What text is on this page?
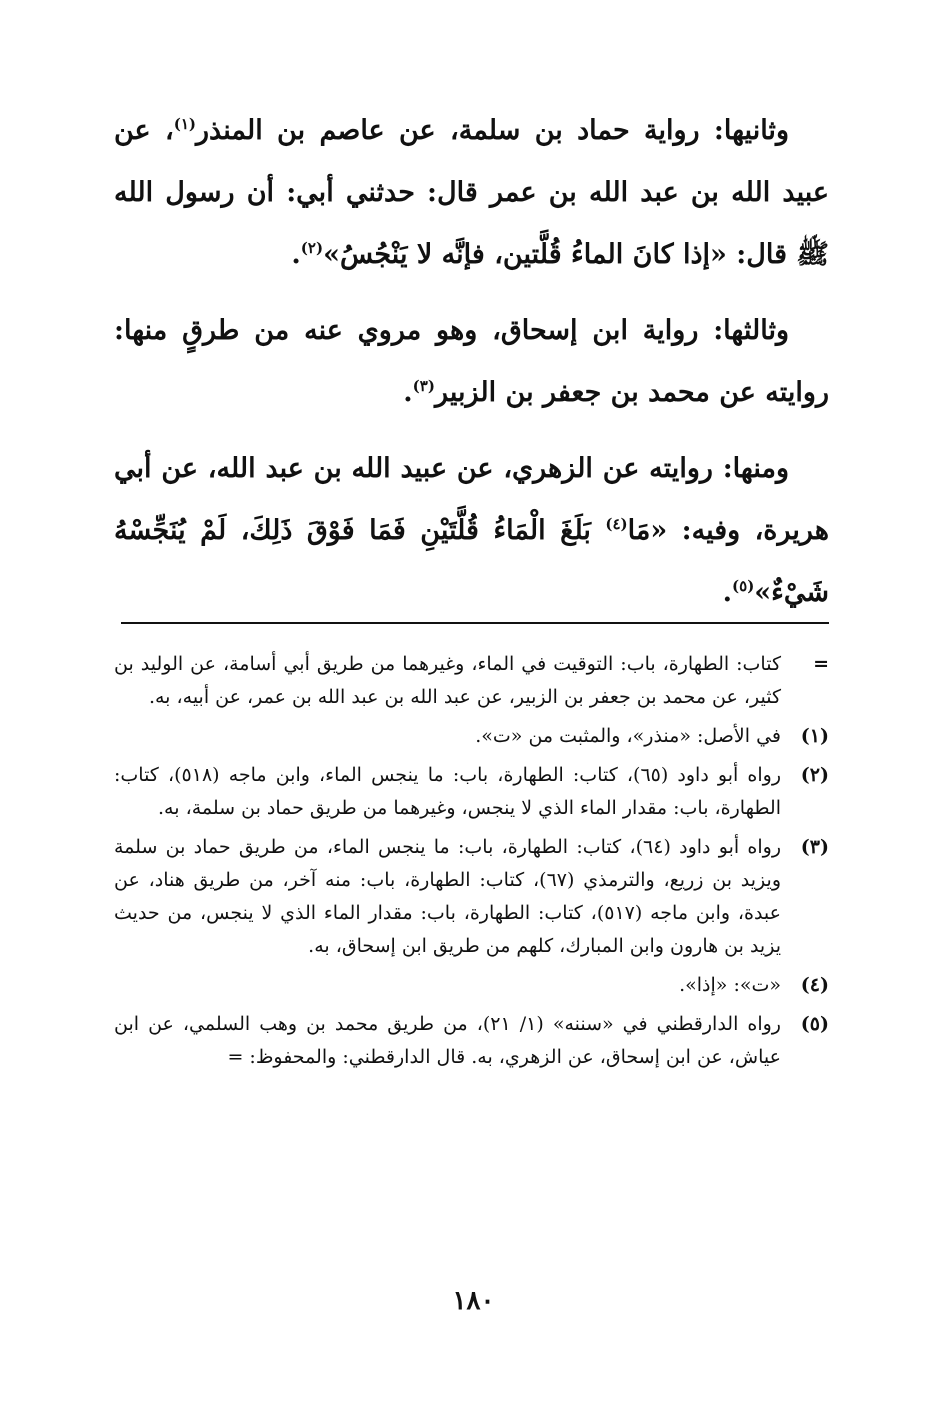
وثانيها: رواية حماد بن سلمة، عن عاصم بن المنذر$^{(١)}$، عن عبيد الله بن عبد الله بن عمر قال: حدثني أبي: أن رسول الله ﷺ قال: «إذا كانَ الماءُ قُلَّتين، فإنَّه لا يَنْجُسُ»$^{(٢)}$.

وثالثها: رواية ابن إسحاق، وهو مروي عنه من طرقٍ منها: روايته عن محمد بن جعفر بن الزبير$^{(٣)}$.

ومنها: روايته عن الزهري، عن عبيد الله بن عبد الله، عن أبي هريرة، وفيه: «مَا$^{(٤)}$ بَلَغَ الْمَاءُ قُلَّتَيْنِ فَمَا فَوْقَ ذَلِكَ، لَمْ يُنَجِّسْهُ شَيْءٌ»$^{(٥)}$.

=
كتاب: الطهارة، باب: التوقيت في الماء، وغيرهما من طريق أبي أسامة، عن الوليد بن كثير، عن محمد بن جعفر بن الزبير، عن عبد الله بن عبد الله بن عمر، عن أبيه، به.
(١)
في الأصل: «منذر»، والمثبت من «ت».
(٢)
رواه أبو داود (٦٥)، كتاب: الطهارة، باب: ما ينجس الماء، وابن ماجه (٥١٨)، كتاب: الطهارة، باب: مقدار الماء الذي لا ينجس، وغيرهما من طريق حماد بن سلمة، به.
(٣)
رواه أبو داود (٦٤)، كتاب: الطهارة، باب: ما ينجس الماء، من طريق حماد بن سلمة ويزيد بن زريع، والترمذي (٦٧)، كتاب: الطهارة، باب: منه آخر، من طريق هناد، عن عبدة، وابن ماجه (٥١٧)، كتاب: الطهارة، باب: مقدار الماء الذي لا ينجس، من حديث يزيد بن هارون وابن المبارك، كلهم من طريق ابن إسحاق، به.
(٤)
«ت»: «إذا».
(٥)
رواه الدارقطني في «سننه» (١/ ٢١)، من طريق محمد بن وهب السلمي، عن ابن عياش، عن ابن إسحاق، عن الزهري، به. قال الدارقطني: والمحفوظ: =
١٨٠
